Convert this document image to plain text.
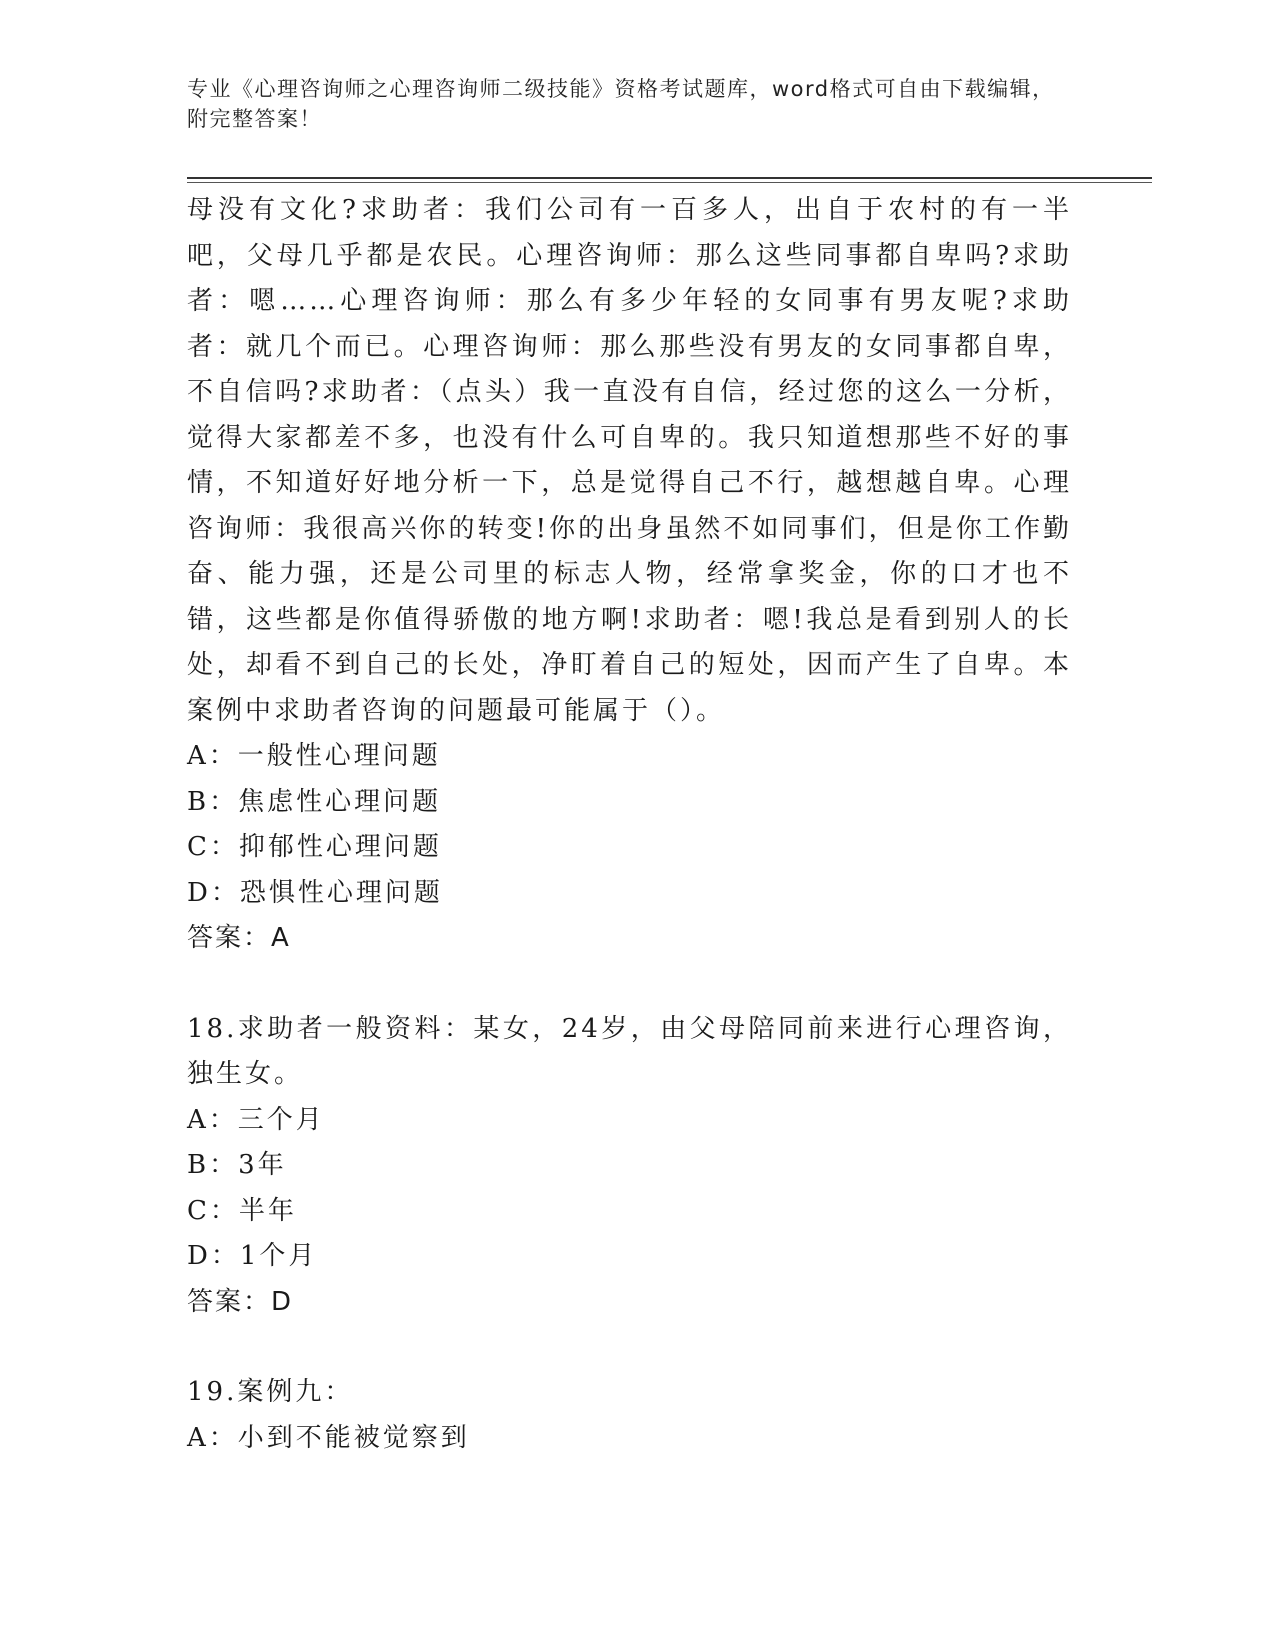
专业《心理咨询师之心理咨询师二级技能》资格考试题库，word格式可自由下载编辑，附完整答案！

母没有文化?求助者：我们公司有一百多人，出自于农村的有一半吧，父母几乎都是农民。心理咨询师：那么这些同事都自卑吗?求助者：嗯……心理咨询师：那么有多少年轻的女同事有男友呢?求助者：就几个而已。心理咨询师：那么那些没有男友的女同事都自卑，不自信吗?求助者：（点头）我一直没有自信，经过您的这么一分析，觉得大家都差不多，也没有什么可自卑的。我只知道想那些不好的事情，不知道好好地分析一下，总是觉得自己不行，越想越自卑。心理咨询师：我很高兴你的转变!你的出身虽然不如同事们，但是你工作勤奋、能力强，还是公司里的标志人物，经常拿奖金，你的口才也不错，这些都是你值得骄傲的地方啊!求助者：嗯!我总是看到别人的长处，却看不到自己的长处，净盯着自己的短处，因而产生了自卑。本案例中求助者咨询的问题最可能属于（）。

A：一般性心理问题

B：焦虑性心理问题

C：抑郁性心理问题

D：恐惧性心理问题

答案：A

18.求助者一般资料：某女，24岁，由父母陪同前来进行心理咨询，独生女。

A：三个月

B：3年

C：半年

D：1个月

答案：D

19.案例九：

A：小到不能被觉察到
